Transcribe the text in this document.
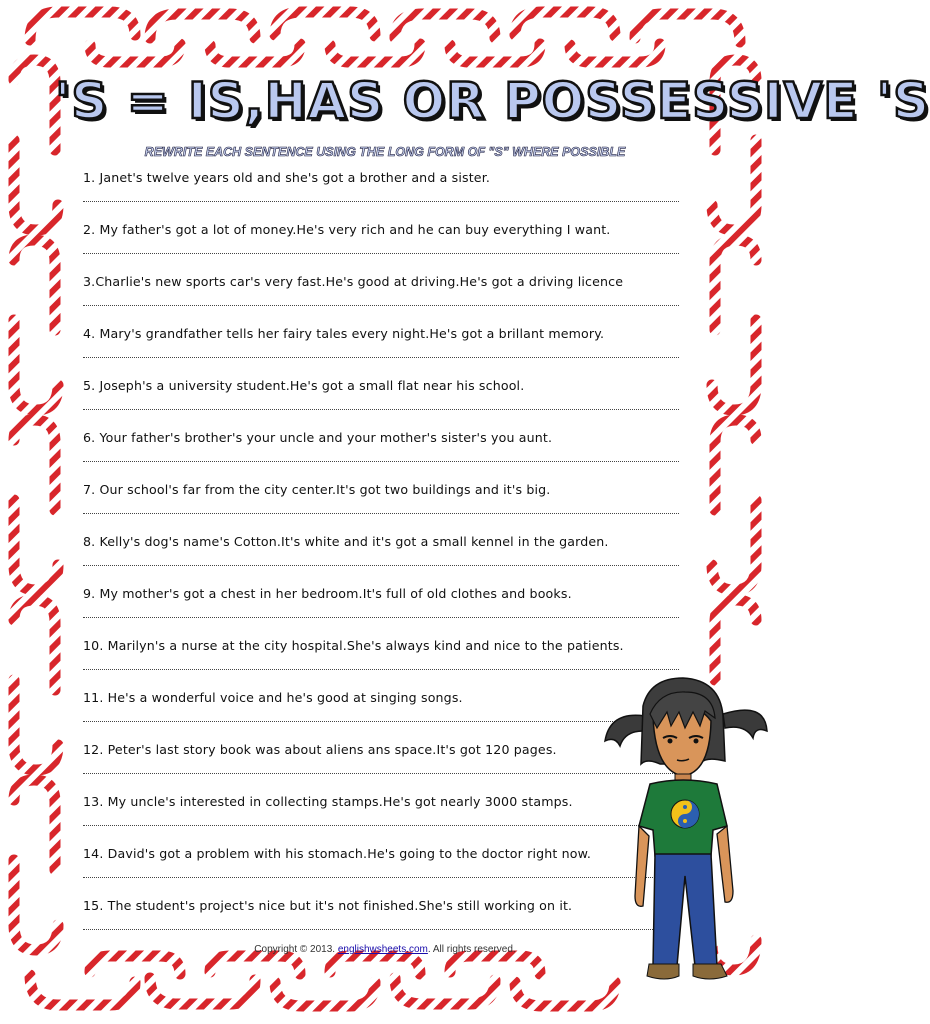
'S = IS,HAS OR POSSESSIVE 'S
REWRITE EACH SENTENCE USING THE LONG FORM OF "S" WHERE POSSIBLE
1. Janet's twelve years old and she's got a brother and a sister.
2. My father's got a lot of money.He's very rich and he can buy everything I want.
3.Charlie's new sports car's very fast.He's good at driving.He's got a driving licence
4. Mary's grandfather tells her fairy tales every night.He's got a brillant memory.
5. Joseph's a university student.He's got a small flat near his school.
6. Your father's brother's your uncle and your mother's sister's you aunt.
7. Our school's far from the city center.It's got two buildings and it's big.
8. Kelly's dog's name's Cotton.It's white and it's got a small kennel in the garden.
9. My mother's got a chest in her bedroom.It's full of old clothes and books.
10. Marilyn's a nurse at the city hospital.She's always kind and nice to the patients.
11. He's a wonderful voice and he's good at singing songs.
12. Peter's last story book was about aliens ans space.It's got 120 pages.
13. My uncle's interested in collecting stamps.He's got nearly 3000 stamps.
14. David's got a problem with his stomach.He's going to the doctor right now.
15. The student's project's nice but it's not finished.She's still working on it.
Copyright © 2013. englishwsheets.com. All rights reserved.
